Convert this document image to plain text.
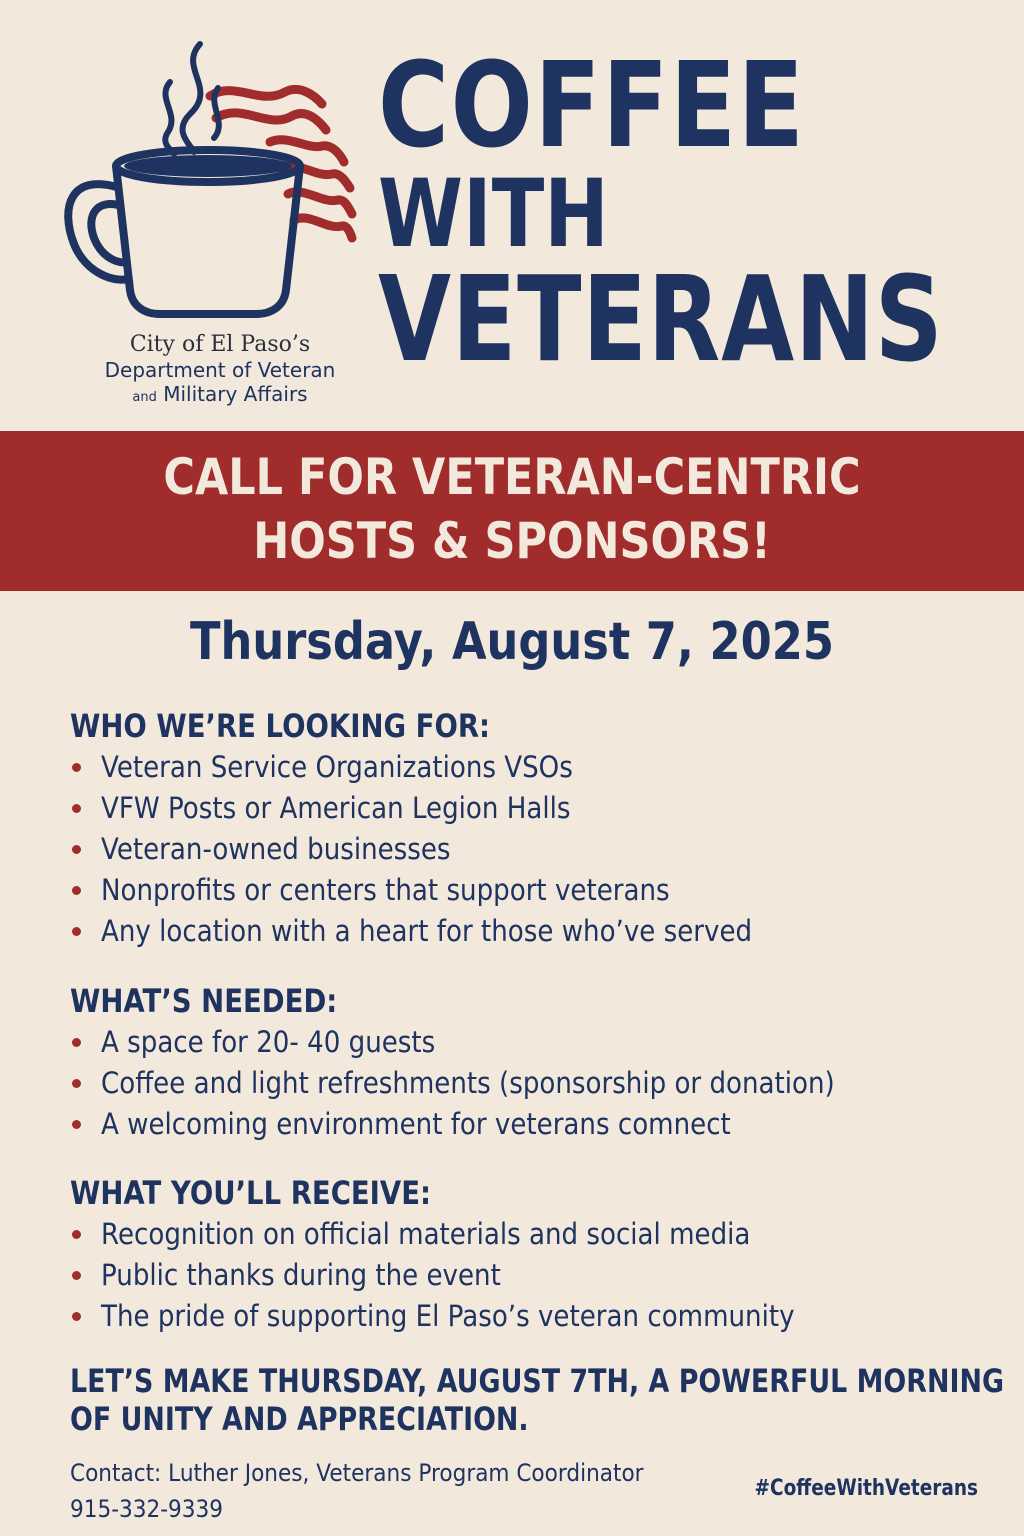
City of El Paso’s
Department of Veteran
and Military Affairs
COFFEE
WITH
VETERANS
CALL FOR VETERAN-CENTRIC
HOSTS & SPONSORS!
Thursday, August 7, 2025
WHO WE’RE LOOKING FOR:
Veteran Service Organizations VSOs
VFW Posts or American Legion Halls
Veteran-owned businesses
Nonprofits or centers that support veterans
Any location with a heart for those who’ve served
WHAT’S NEEDED:
A space for 20- 40 guests
Coffee and light refreshments (sponsorship or donation)
A welcoming environment for veterans comnect
WHAT YOU’LL RECEIVE:
Recognition on official materials and social media
Public thanks during the event
The pride of supporting El Paso’s veteran community
LET’S MAKE THURSDAY, AUGUST 7TH, A POWERFUL MORNING
OF UNITY AND APPRECIATION.
Contact: Luther Jones, Veterans Program Coordinator
915-332-9339
#CoffeeWithVeterans
